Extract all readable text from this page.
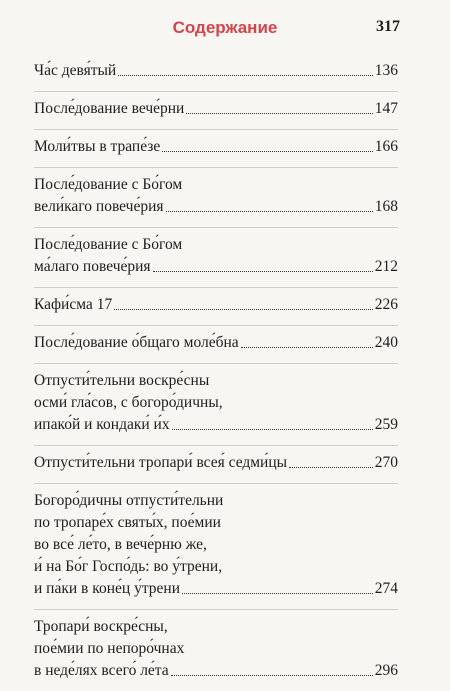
Содержание	317
Ча́с девя́тый	136
После́дование вече́рни	147
Моли́твы в трапе́зе	166
После́дование с Бо́гом
вели́каго повече́рия	168
После́дование с Бо́гом
ма́лаго повече́рия	212
Кафи́сма 17	226
После́дование о́бщаго моле́бна	240
Отпусти́тельни воскре́сны
осми́ гла́сов, с богоро́дичны,
ипако́й и кондаки́ и́х	259
Отпусти́тельни тропари́ всея́ седми́цы	270
Богоро́дичны отпусти́тельни
по тропаре́х святы́х, пое́мии
во все́ ле́то, в вече́рню же,
и́ на Бо́г Госпо́дь: во у́трени,
и па́ки в коне́ц у́трени	274
Тропари́ воскре́сны,
пое́мии по непоро́чнах
в неде́лях всего́ ле́та	296
